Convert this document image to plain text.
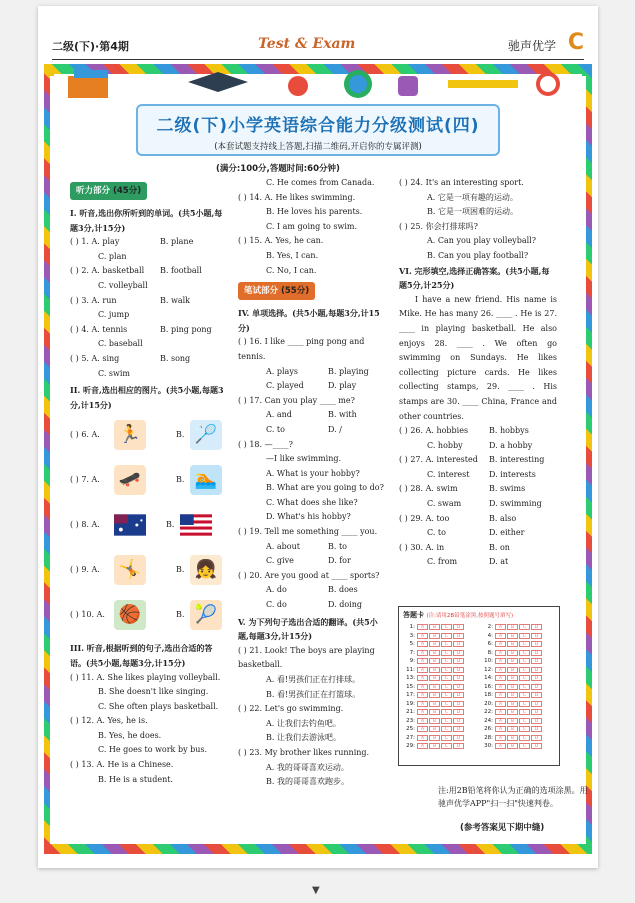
二级(下)·第4期	Test & Exam	驰声优学 C
二级(下)小学英语综合能力分级测试(四)
(本套试题支持线上答题,扫描二维码,开启你的专属评测)
(满分:100分,答题时间:60分钟)
听力部分 (45分)
I. 听音,选出你所听到的单词。(共5小题,每题3分,计15分)
( ) 1. A. play	B. plane
C. plan
( ) 2. A. basketball	B. football
C. volleyball
( ) 3. A. run	B. walk
C. jump
( ) 4. A. tennis	B. ping pong
C. baseball
( ) 5. A. sing	B. song
C. swim
II. 听音,选出相应的图片。(共5小题,每题3分,计15分)
( ) 6. A.	🏃	B. 🏸
( ) 7. A.	🛹	B. 🏊
( ) 8. A.	B.
( ) 9. A.	🤸	B. 👧
( ) 10. A. 🏀	B. 🎾
III. 听音,根据听到的句子,选出合适的答语。(共5小题,每题3分,计15分)
( ) 11. A. She likes playing volleyball.
B. She doesn't like singing.
C. She often plays basketball.
( ) 12. A. Yes, he is.
B. Yes, he does.
C. He goes to work by bus.
( ) 13. A. He is a Chinese.
B. He is a student.
C. He comes from Canada.
( ) 14. A. He likes swimming.
B. He loves his parents.
C. I am going to swim.
( ) 15. A. Yes, he can.
B. Yes, I can.
C. No, I can.
笔试部分 (55分)
IV. 单项选择。(共5小题,每题3分,计15分)
( ) 16. I like ____ ping pong and tennis.
A. plays	B. playing
C. played	D. play
( ) 17. Can you play ____ me?
A. and	B. with
C. to	D. /
( ) 18. —____?
—I like swimming.
A. What is your hobby?
B. What are you going to do?
C. What does she like?
D. What's his hobby?
( ) 19. Tell me something ____ you.
A. about	B. to
C. give	D. for
( ) 20. Are you good at ____ sports?
A. do	B. does
C. do	D. doing
V. 为下列句子选出合适的翻译。(共5小题,每题3分,计15分)
( ) 21. Look! The boys are playing basketball.
A. 看!男孩们正在打排球。
B. 看!男孩们正在打篮球。
( ) 22. Let's go swimming.
A. 让我们去钓鱼吧。
B. 让我们去游泳吧。
( ) 23. My brother likes running.
A. 我的哥哥喜欢运动。
B. 我的哥哥喜欢跑步。
( ) 24. It's an interesting sport.
A. 它是一项有趣的运动。
B. 它是一项困难的运动。
( ) 25. 你会打排球吗?
A. Can you play volleyball?
B. Can you play football?
VI. 完形填空,选择正确答案。(共5小题,每题5分,计25分)
I have a new friend. His name is Mike. He has many 26. ____ . He is 27. ____ in playing basketball. He also enjoys 28. ____ . We often go swimming on Sundays. He likes collecting picture cards. He likes collecting stamps, 29. ____ . His stamps are 30. ____ China, France and other countries.
( ) 26. A. hobbies	B. hobbys
C. hobby	D. a hobby
( ) 27. A. interested	B. interesting
C. interest	D. interests
( ) 28. A. swim	B. swims
C. swam	D. swimming
( ) 29. A. too	B. also
C. to	D. either
( ) 30. A. in	B. on
C. from	D. at
答题卡 (注:请用2B铅笔涂黑,按照题号填写)
1:	A	B	C	D	2:	A	B	C	D
3:	A	B	C	D	4:	A	B	C	D
5:	A	B	C	D	6:	A	B	C	D
7:	A	B	C	D	8:	A	B	C	D
9:	A	B	C	D	10:	A	B	C	D
11:	A	B	C	D	12:	A	B	C	D
13:	A	B	C	D	14:	A	B	C	D
15:	A	B	C	D	16:	A	B	C	D
17:	A	B	C	D	18:	A	B	C	D
19:	A	B	C	D	20:	A	B	C	D
21:	A	B	C	D	22:	A	B	C	D
23:	A	B	C	D	24:	A	B	C	D
25:	A	B	C	D	26:	A	B	C	D
27:	A	B	C	D	28:	A	B	C	D
29:	A	B	C	D	30:	A	B	C	D
注:用2B铅笔将你认为正确的选项涂黑。用驰声优学APP"扫一扫"快速判卷。
(参考答案见下期中缝)
▼
